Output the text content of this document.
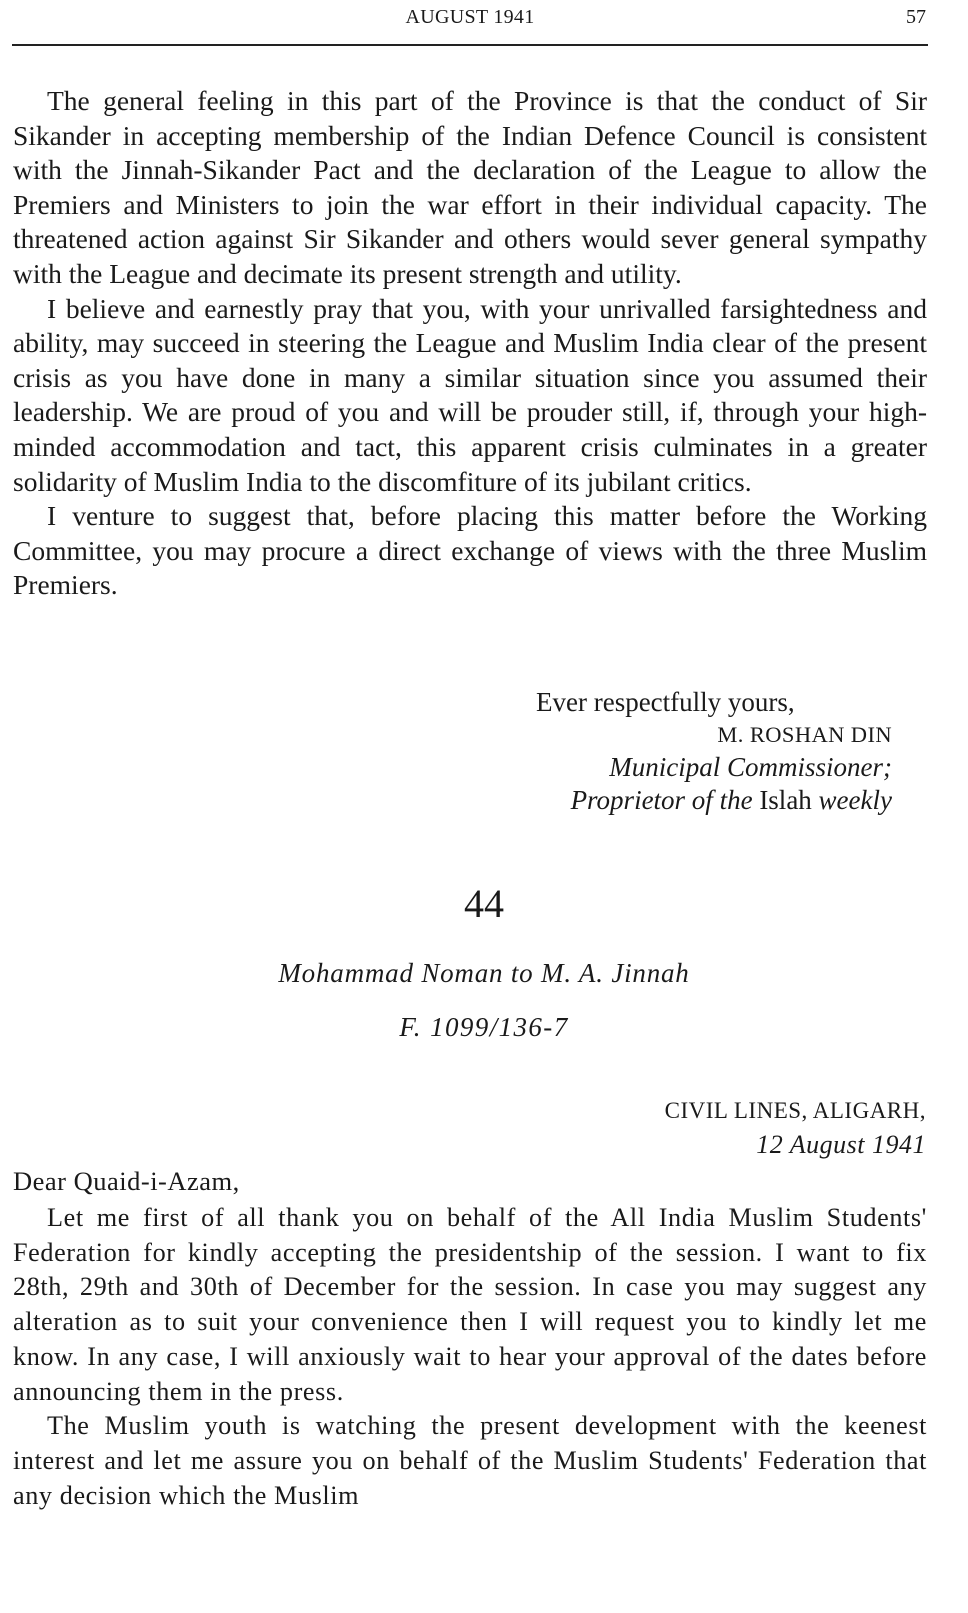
AUGUST 1941	57

The general feeling in this part of the Province is that the conduct of Sir Sikander in accepting membership of the Indian Defence Council is consistent with the Jinnah-Sikander Pact and the declaration of the League to allow the Premiers and Ministers to join the war effort in their individual capacity. The threatened action against Sir Sikander and others would sever general sympathy with the League and decimate its present strength and utility.

I believe and earnestly pray that you, with your unrivalled farsightedness and ability, may succeed in steering the League and Muslim India clear of the present crisis as you have done in many a similar situation since you assumed their leadership. We are proud of you and will be prouder still, if, through your high-minded accommodation and tact, this apparent crisis culminates in a greater solidarity of Muslim India to the discomfiture of its jubilant critics.

I venture to suggest that, before placing this matter before the Working Committee, you may procure a direct exchange of views with the three Muslim Premiers.

Ever respectfully yours,
M. ROSHAN DIN
Municipal Commissioner;
Proprietor of the Islah weekly
44
Mohammad Noman to M. A. Jinnah
F. 1099/136-7
CIVIL LINES, ALIGARH,
12 August 1941
Dear Quaid-i-Azam,

Let me first of all thank you on behalf of the All India Muslim Students' Federation for kindly accepting the presidentship of the session. I want to fix 28th, 29th and 30th of December for the session. In case you may suggest any alteration as to suit your convenience then I will request you to kindly let me know. In any case, I will anxiously wait to hear your approval of the dates before announcing them in the press.

The Muslim youth is watching the present development with the keenest interest and let me assure you on behalf of the Muslim Students' Federation that any decision which the Muslim
